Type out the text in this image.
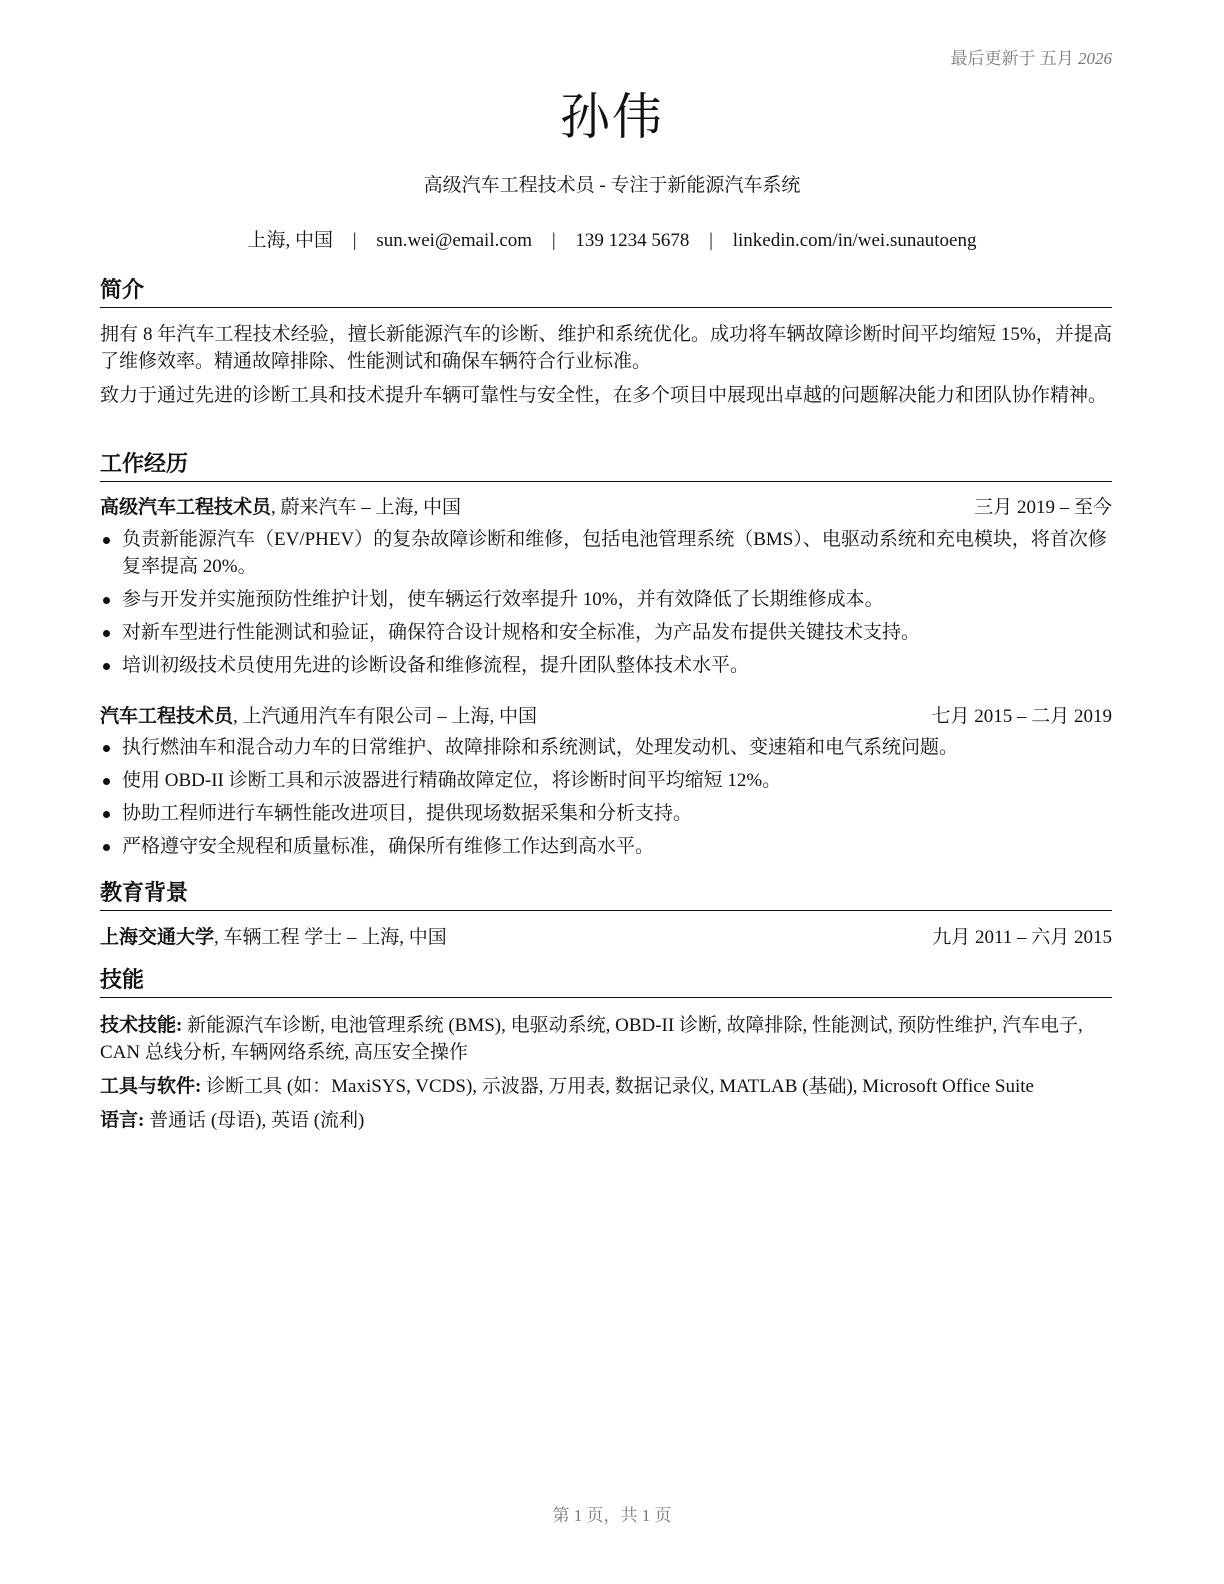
最后更新于 五月 2026
孙伟
高级汽车工程技术员 - 专注于新能源汽车系统
上海, 中国 | sun.wei@email.com | 139 1234 5678 | linkedin.com/in/wei.sunautoeng
简介
拥有 8 年汽车工程技术经验，擅长新能源汽车的诊断、维护和系统优化。成功将车辆故障诊断时间平均缩短 15%，并提高了维修效率。精通故障排除、性能测试和确保车辆符合行业标准。
致力于通过先进的诊断工具和技术提升车辆可靠性与安全性，在多个项目中展现出卓越的问题解决能力和团队协作精神。
工作经历
高级汽车工程技术员, 蔚来汽车 – 上海, 中国	三月 2019 – 至今
负责新能源汽车（EV/PHEV）的复杂故障诊断和维修，包括电池管理系统（BMS）、电驱动系统和充电模块，将首次修复率提高 20%。
参与开发并实施预防性维护计划，使车辆运行效率提升 10%，并有效降低了长期维修成本。
对新车型进行性能测试和验证，确保符合设计规格和安全标准，为产品发布提供关键技术支持。
培训初级技术员使用先进的诊断设备和维修流程，提升团队整体技术水平。
汽车工程技术员, 上汽通用汽车有限公司 – 上海, 中国	七月 2015 – 二月 2019
执行燃油车和混合动力车的日常维护、故障排除和系统测试，处理发动机、变速箱和电气系统问题。
使用 OBD-II 诊断工具和示波器进行精确故障定位，将诊断时间平均缩短 12%。
协助工程师进行车辆性能改进项目，提供现场数据采集和分析支持。
严格遵守安全规程和质量标准，确保所有维修工作达到高水平。
教育背景
上海交通大学, 车辆工程 学士 – 上海, 中国	九月 2011 – 六月 2015
技能
技术技能: 新能源汽车诊断, 电池管理系统 (BMS), 电驱动系统, OBD-II 诊断, 故障排除, 性能测试, 预防性维护, 汽车电子, CAN 总线分析, 车辆网络系统, 高压安全操作
工具与软件: 诊断工具 (如：MaxiSYS, VCDS), 示波器, 万用表, 数据记录仪, MATLAB (基础), Microsoft Office Suite
语言: 普通话 (母语), 英语 (流利)
第 1 页，共 1 页
